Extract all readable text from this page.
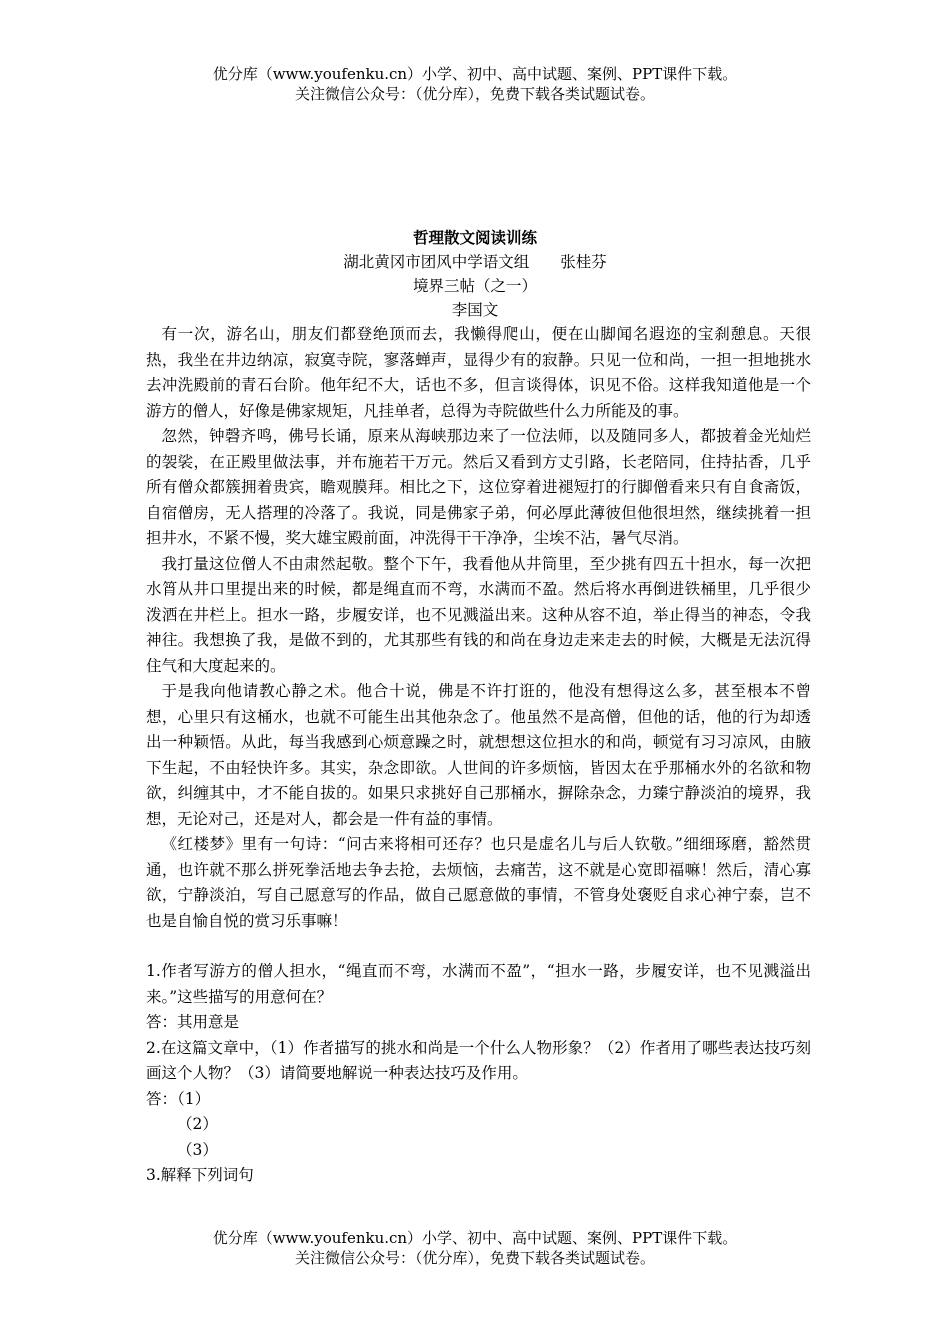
优分库（www.youfenku.cn）小学、初中、高中试题、案例、PPT课件下载。
关注微信公众号：（优分库），免费下载各类试题试卷。
哲理散文阅读训练
湖北黄冈市团风中学语文组　　张桂芬
境界三帖（之一）
李国文

有一次，游名山，朋友们都登绝顶而去，我懒得爬山，便在山脚闻名遐迩的宝刹憩息。天很热，我坐在井边纳凉，寂寞寺院，寥落蝉声，显得少有的寂静。只见一位和尚，一担一担地挑水去冲洗殿前的青石台阶。他年纪不大，话也不多，但言谈得体，识见不俗。这样我知道他是一个游方的僧人，好像是佛家规矩，凡挂单者，总得为寺院做些什么力所能及的事。

忽然，钟磬齐鸣，佛号长诵，原来从海峡那边来了一位法师，以及随同多人，都披着金光灿烂的袈裟，在正殿里做法事，并布施若干万元。然后又看到方丈引路，长老陪同，住持拈香，几乎所有僧众都簇拥着贵宾，瞻观膜拜。相比之下，这位穿着进褪短打的行脚僧看来只有自食斋饭，自宿僧房，无人搭理的冷落了。我说，同是佛家子弟，何必厚此薄彼但他很坦然，继续挑着一担担井水，不紧不慢，奖大雄宝殿前面，冲洗得干干净净，尘埃不沾，暑气尽消。

我打量这位僧人不由肃然起敬。整个下午，我看他从井筒里，至少挑有四五十担水，每一次把水筲从井口里提出来的时候，都是绳直而不弯，水满而不盈。然后将水再倒进铁桶里，几乎很少泼洒在井栏上。担水一路，步履安详，也不见溅溢出来。这种从容不迫，举止得当的神态，令我神往。我想换了我，是做不到的，尤其那些有钱的和尚在身边走来走去的时候，大概是无法沉得住气和大度起来的。

于是我向他请教心静之术。他合十说，佛是不许打诳的，他没有想得这么多，甚至根本不曾想，心里只有这桶水，也就不可能生出其他杂念了。他虽然不是高僧，但他的话，他的行为却透出一种颖悟。从此，每当我感到心烦意躁之时，就想想这位担水的和尚，顿觉有习习凉风，由腋下生起，不由轻快许多。其实，杂念即欲。人世间的许多烦恼，皆因太在乎那桶水外的名欲和物欲，纠缠其中，才不能自拔的。如果只求挑好自己那桶水，摒除杂念，力臻宁静淡泊的境界，我想，无论对己，还是对人，都会是一件有益的事情。

《红楼梦》里有一句诗：“问古来将相可还存？也只是虚名儿与后人钦敬。”细细琢磨，豁然贯通，也许就不那么拼死拳活地去争去抢，去烦恼，去痛苦，这不就是心宽即福嘛！然后，清心寡欲，宁静淡泊，写自己愿意写的作品，做自己愿意做的事情，不管身处褒贬自求心神宁泰，岂不也是自愉自悦的赏习乐事嘛！

1.作者写游方的僧人担水，“绳直而不弯，水满而不盈”，“担水一路，步履安详，也不见溅溢出来。”这些描写的用意何在？

答：其用意是

2.在这篇文章中，（1）作者描写的挑水和尚是一个什么人物形象？（2）作者用了哪些表达技巧刻画这个人物？（3）请简要地解说一种表达技巧及作用。

答：（1）

（2）

（3）

3.解释下列词句

优分库（www.youfenku.cn）小学、初中、高中试题、案例、PPT课件下载。
关注微信公众号：（优分库），免费下载各类试题试卷。
